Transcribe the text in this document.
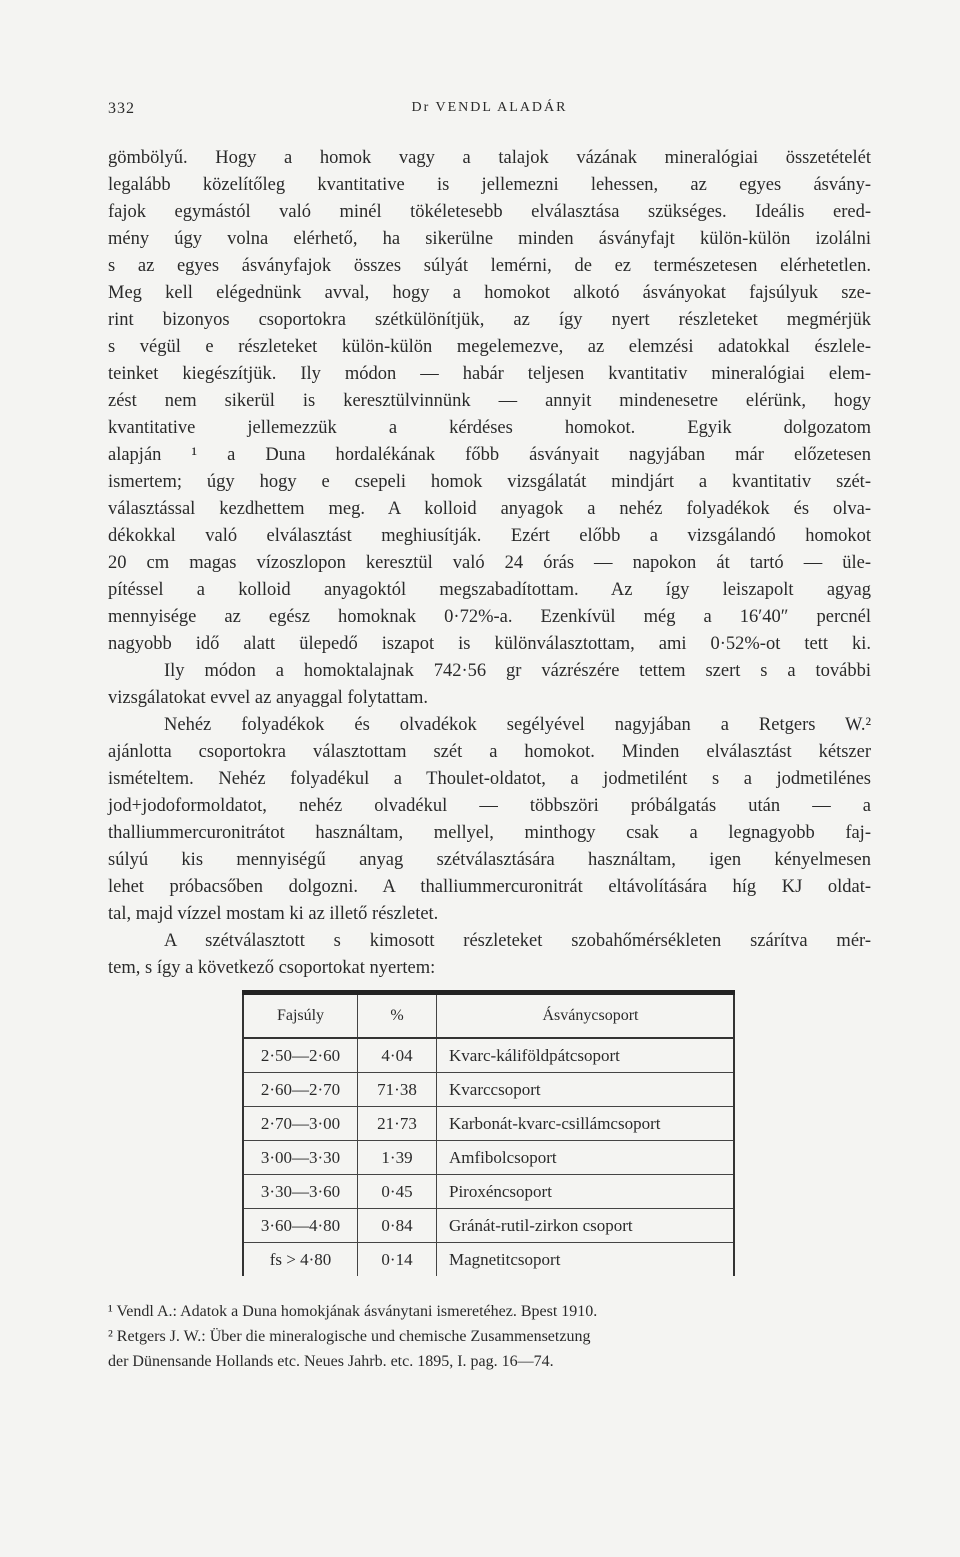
332	Dr VENDL ALADÁR
gömbölyű. Hogy a homok vagy a talajok vázának mineralógiai összetételét
legalább közelítőleg kvantitative is jellemezni lehessen, az egyes ásvány-
fajok egymástól való minél tökéletesebb elválasztása szükséges. Ideális ered-
mény úgy volna elérhető, ha sikerülne minden ásványfajt külön-külön izolálni
s az egyes ásványfajok összes súlyát lemérni, de ez természetesen elérhetetlen.
Meg kell elégednünk avval, hogy a homokot alkotó ásványokat fajsúlyuk sze-
rint bizonyos csoportokra szétkülönítjük, az így nyert részleteket megmérjük
s végül e részleteket külön-külön megelemezve, az elemzési adatokkal észlele-
teinket kiegészítjük. Ily módon — habár teljesen kvantitativ mineralógiai elem-
zést nem sikerül is keresztülvinnünk — annyit mindenesetre elérünk, hogy
kvantitative jellemezzük a kérdéses homokot. Egyik dolgozatom
alapján ¹ a Duna hordalékának főbb ásványait nagyjában már előzetesen
ismertem; úgy hogy e csepeli homok vizsgálatát mindjárt a kvantitativ szét-
választással kezdhettem meg. A kolloid anyagok a nehéz folyadékok és olva-
dékokkal való elválasztást meghiusítják. Ezért előbb a vizsgálandó homokot
20 cm magas vízoszlopon keresztül való 24 órás — napokon át tartó — üle-
pítéssel a kolloid anyagoktól megszabadítottam. Az így leiszapolt agyag
mennyisége az egész homoknak 0·72%-a. Ezenkívül még a 16′40″ percnél
nagyobb idő alatt ülepedő iszapot is különválasztottam, ami 0·52%-ot tett ki.
Ily módon a homoktalajnak 742·56 gr vázrészére tettem szert s a további
vizsgálatokat evvel az anyaggal folytattam.
Nehéz folyadékok és olvadékok segélyével nagyjában a Retgers W.²
ajánlotta csoportokra választottam szét a homokot. Minden elválasztást kétszer
ismételtem. Nehéz folyadékul a Thoulet-oldatot, a jodmetilént s a jodmetilénes
jod+jodoformoldatot, nehéz olvadékul — többszöri próbálgatás után — a
thalliummercuronitrátot használtam, mellyel, minthogy csak a legnagyobb faj-
súlyú kis mennyiségű anyag szétválasztására használtam, igen kényelmesen
lehet próbacsőben dolgozni. A thalliummercuronitrát eltávolítására híg KJ oldat-
tal, majd vízzel mostam ki az illető részletet.
A szétválasztott s kimosott részleteket szobahőmérsékleten szárítva mér-
tem, s így a következő csoportokat nyertem:
Fajsúly	%	Ásványcsoport
2·50—2·60	4·04	Kvarc-káliföldpátcsoport
2·60—2·70	71·38	Kvarccsoport
2·70—3·00	21·73	Karbonát-kvarc-csillámcsoport
3·00—3·30	1·39	Amfibolcsoport
3·30—3·60	0·45	Piroxéncsoport
3·60—4·80	0·84	Gránát-rutil-zirkon csoport
fs > 4·80	0·14	Magnetitcsoport
¹ Vendl A.: Adatok a Duna homokjának ásványtani ismeretéhez. Bpest 1910.
² Retgers J. W.: Über die mineralogische und chemische Zusammensetzung
der Dünensande Hollands etc. Neues Jahrb. etc. 1895, I. pag. 16—74.
